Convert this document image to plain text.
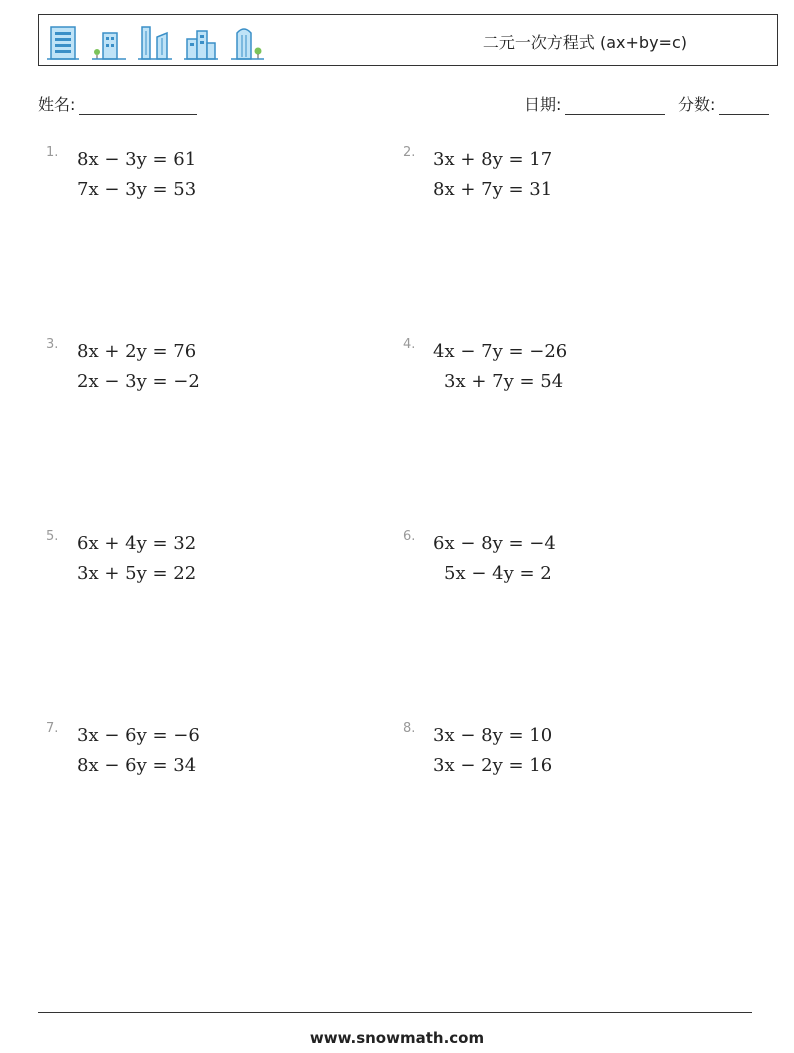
二元一次方程式 (ax+by=c)
姓名:	日期:	分数:
1. 8x − 3y = 61
7x − 3y = 53
2. 3x + 8y = 17
8x + 7y = 31
3. 8x + 2y = 76
2x − 3y = −2
4. 4x − 7y = −26
3x + 7y = 54
5. 6x + 4y = 32
3x + 5y = 22
6. 6x − 8y = −4
5x − 4y = 2
7. 3x − 6y = −6
8x − 6y = 34
8. 3x − 8y = 10
3x − 2y = 16
www.snowmath.com
